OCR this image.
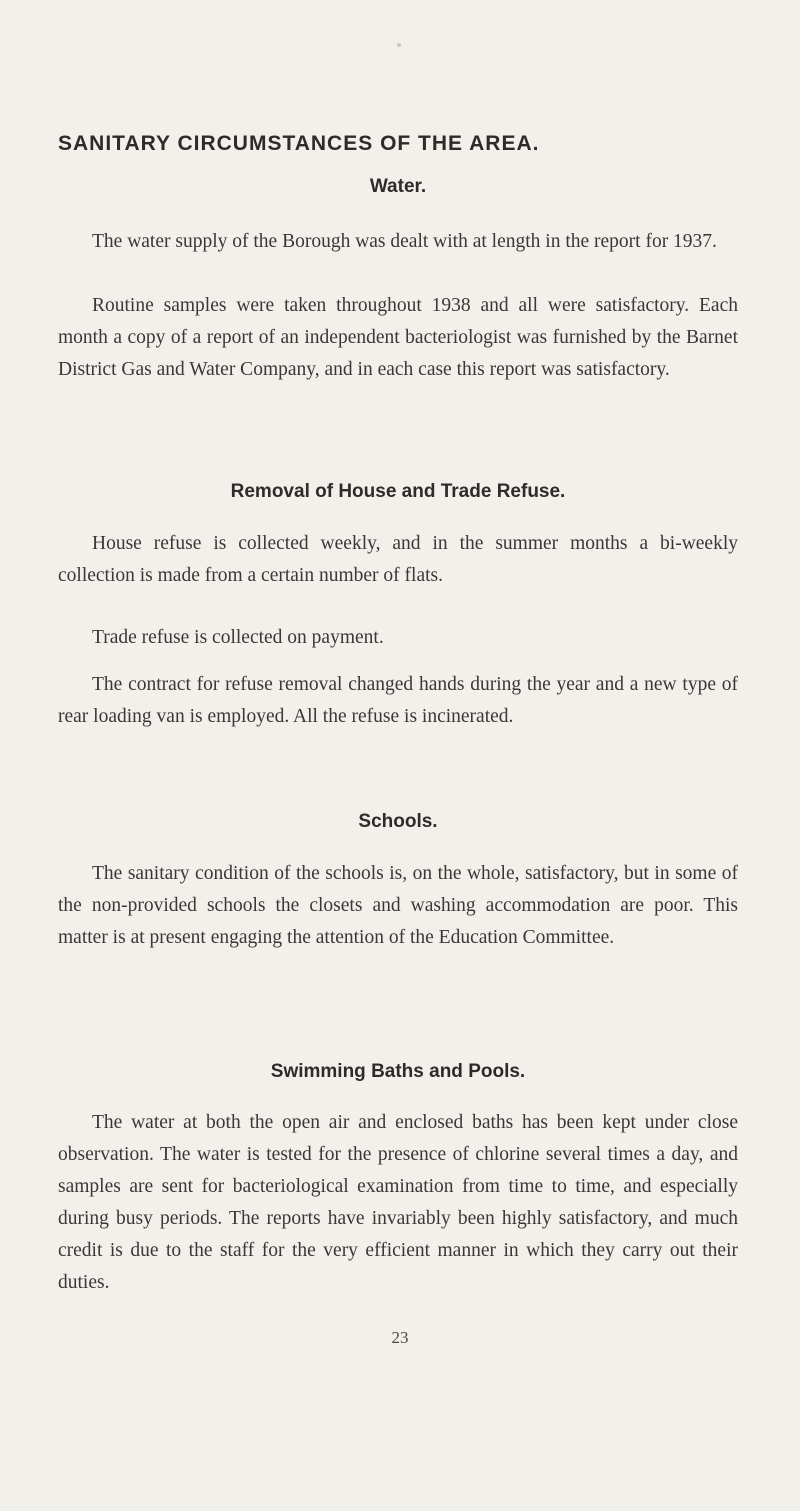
SANITARY CIRCUMSTANCES OF THE AREA.
Water.

The water supply of the Borough was dealt with at length in the report for 1937.

Routine samples were taken throughout 1938 and all were satisfactory. Each month a copy of a report of an independent bacteriologist was furnished by the Barnet District Gas and Water Company, and in each case this report was satisfactory.

Removal of House and Trade Refuse.

House refuse is collected weekly, and in the summer months a bi-weekly collection is made from a certain number of flats.

Trade refuse is collected on payment.

The contract for refuse removal changed hands during the year and a new type of rear loading van is employed. All the refuse is incinerated.

Schools.

The sanitary condition of the schools is, on the whole, satisfactory, but in some of the non-provided schools the closets and washing accommodation are poor. This matter is at present engaging the attention of the Education Committee.

Swimming Baths and Pools.

The water at both the open air and enclosed baths has been kept under close observation. The water is tested for the presence of chlorine several times a day, and samples are sent for bacteriological examination from time to time, and especially during busy periods. The reports have invariably been highly satisfactory, and much credit is due to the staff for the very efficient manner in which they carry out their duties.

23
